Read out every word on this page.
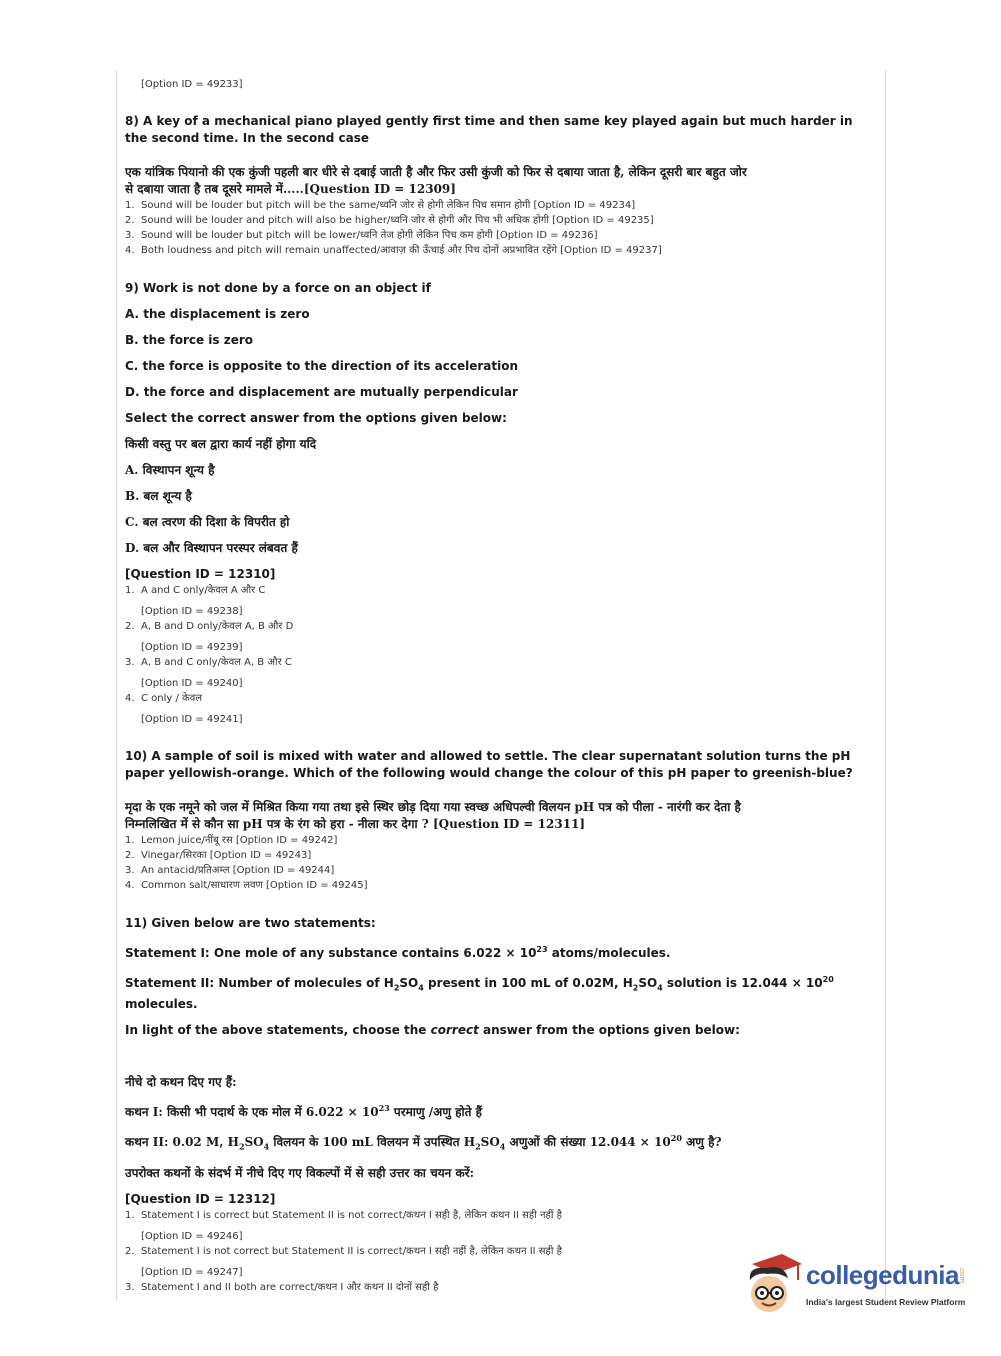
[Option ID = 49233]

8) A key of a mechanical piano played gently first time and then same key played again but much harder in the second time. In the second case

एक यांत्रिक पियानो की एक कुंजी पहली बार धीरे से दबाई जाती है और फिर उसी कुंजी को फिर से दबाया जाता है, लेकिन दूसरी बार बहुत जोर

से दबाया जाता है तब दूसरे मामले में.....[Question ID = 12309]

1. Sound will be louder but pitch will be the same/ध्वनि जोर से होगी लेकिन पिच समान होगी [Option ID = 49234]
2. Sound will be louder and pitch will also be higher/ध्वनि जोर से होगी और पिच भी अधिक होगी [Option ID = 49235]
3. Sound will be louder but pitch will be lower/ध्वनि तेज होगी लेकिन पिच कम होगी [Option ID = 49236]
4. Both loudness and pitch will remain unaffected/आवाज़ की ऊँचाई और पिच दोनों अप्रभावित रहेंगे [Option ID = 49237]

9) Work is not done by a force on an object if

A. the displacement is zero

B. the force is zero

C. the force is opposite to the direction of its acceleration

D. the force and displacement are mutually perpendicular

Select the correct answer from the options given below:

किसी वस्तु पर बल द्वारा कार्य नहीं होगा यदि

A. विस्थापन शून्य है

B. बल शून्य है

C. बल त्वरण की दिशा के विपरीत हो

D. बल और विस्थापन परस्पर लंबवत हैं

[Question ID = 12310]

1. A and C only/केवल A और C
[Option ID = 49238]
2. A, B and D only/केवल A, B और D
[Option ID = 49239]
3. A, B and C only/केवल A, B और C
[Option ID = 49240]
4. C only / केवल
[Option ID = 49241]

10) A sample of soil is mixed with water and allowed to settle. The clear supernatant solution turns the pH paper yellowish-orange. Which of the following would change the colour of this pH paper to greenish-blue?

मृदा के एक नमूने को जल में मिश्रित किया गया तथा इसे स्थिर छोड़ दिया गया स्वच्छ अधिपल्वी विलयन pH पत्र को पीला - नारंगी कर देता है

निम्नलिखित में से कौन सा pH पत्र के रंग को हरा - नीला कर देगा ? [Question ID = 12311]

1. Lemon juice/नींबू रस [Option ID = 49242]
2. Vinegar/सिरका [Option ID = 49243]
3. An antacid/प्रतिअम्ल [Option ID = 49244]
4. Common salt/साधारण लवण [Option ID = 49245]

11) Given below are two statements:

Statement I: One mole of any substance contains $6.022 \times 10^{23}$ atoms/molecules.

Statement II: Number of molecules of $H_2SO_4$ present in 100 mL of 0.02M, $H_2SO_4$ solution is $12.044 \times 10^{20}$ molecules.

In light of the above statements, choose the correct answer from the options given below:

नीचे दो कथन दिए गए हैं:

कथन I: किसी भी पदार्थ के एक मोल में $6.022 \times 10^{23}$ परमाणु /अणु होते हैं

कथन II: 0.02 M, $H_2SO_4$ विलयन के 100 mL विलयन में उपस्थित $H_2SO_4$ अणुओं की संख्या $12.044 \times 10^{20}$ अणु है?

उपरोक्त कथनों के संदर्भ में नीचे दिए गए विकल्पों में से सही उत्तर का चयन करें:

[Question ID = 12312]

1. Statement I is correct but Statement II is not correct/कथन I सही है, लेकिन कथन II सही नहीं है
[Option ID = 49246]
2. Statement I is not correct but Statement II is correct/कथन I सही नहीं है, लेकिन कथन II सही है
[Option ID = 49247]
3. Statement I and II both are correct/कथन I और कथन II दोनों सही है	collegedunia .com
India's largest Student Review Platform
